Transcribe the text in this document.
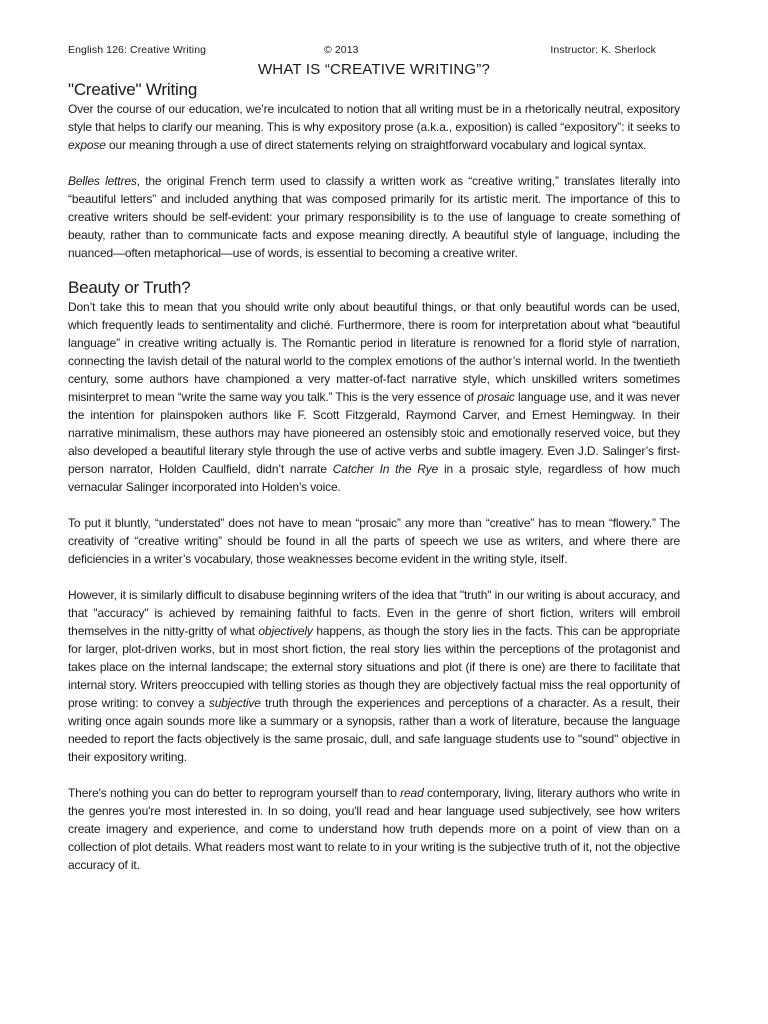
English 126: Creative Writing	© 2013	Instructor: K. Sherlock
WHAT IS “CREATIVE WRITING”?
"Creative" Writing

Over the course of our education, we’re inculcated to notion that all writing must be in a rhetorically neutral, expository style that helps to clarify our meaning. This is why expository prose (a.k.a., exposition) is called “expository”: it seeks to expose our meaning through a use of direct statements relying on straightforward vocabulary and logical syntax.

Belles lettres, the original French term used to classify a written work as “creative writing,” translates literally into “beautiful letters” and included anything that was composed primarily for its artistic merit. The importance of this to creative writers should be self-evident: your primary responsibility is to the use of language to create something of beauty, rather than to communicate facts and expose meaning directly. A beautiful style of language, including the nuanced—often metaphorical—use of words, is essential to becoming a creative writer.

Beauty or Truth?

Don’t take this to mean that you should write only about beautiful things, or that only beautiful words can be used, which frequently leads to sentimentality and cliché. Furthermore, there is room for interpretation about what “beautiful language” in creative writing actually is. The Romantic period in literature is renowned for a florid style of narration, connecting the lavish detail of the natural world to the complex emotions of the author’s internal world. In the twentieth century, some authors have championed a very matter-of-fact narrative style, which unskilled writers sometimes misinterpret to mean “write the same way you talk.” This is the very essence of prosaic language use, and it was never the intention for plainspoken authors like F. Scott Fitzgerald, Raymond Carver, and Ernest Hemingway. In their narrative minimalism, these authors may have pioneered an ostensibly stoic and emotionally reserved voice, but they also developed a beautiful literary style through the use of active verbs and subtle imagery. Even J.D. Salinger’s first-person narrator, Holden Caulfield, didn’t narrate Catcher In the Rye in a prosaic style, regardless of how much vernacular Salinger incorporated into Holden’s voice.

To put it bluntly, “understated” does not have to mean “prosaic” any more than “creative” has to mean “flowery.” The creativity of “creative writing” should be found in all the parts of speech we use as writers, and where there are deficiencies in a writer’s vocabulary, those weaknesses become evident in the writing style, itself.

However, it is similarly difficult to disabuse beginning writers of the idea that "truth" in our writing is about accuracy, and that "accuracy" is achieved by remaining faithful to facts. Even in the genre of short fiction, writers will embroil themselves in the nitty-gritty of what objectively happens, as though the story lies in the facts. This can be appropriate for larger, plot-driven works, but in most short fiction, the real story lies within the perceptions of the protagonist and takes place on the internal landscape; the external story situations and plot (if there is one) are there to facilitate that internal story. Writers preoccupied with telling stories as though they are objectively factual miss the real opportunity of prose writing: to convey a subjective truth through the experiences and perceptions of a character. As a result, their writing once again sounds more like a summary or a synopsis, rather than a work of literature, because the language needed to report the facts objectively is the same prosaic, dull, and safe language students use to "sound" objective in their expository writing.

There's nothing you can do better to reprogram yourself than to read contemporary, living, literary authors who write in the genres you're most interested in. In so doing, you'll read and hear language used subjectively, see how writers create imagery and experience, and come to understand how truth depends more on a point of view than on a collection of plot details. What readers most want to relate to in your writing is the subjective truth of it, not the objective accuracy of it.
